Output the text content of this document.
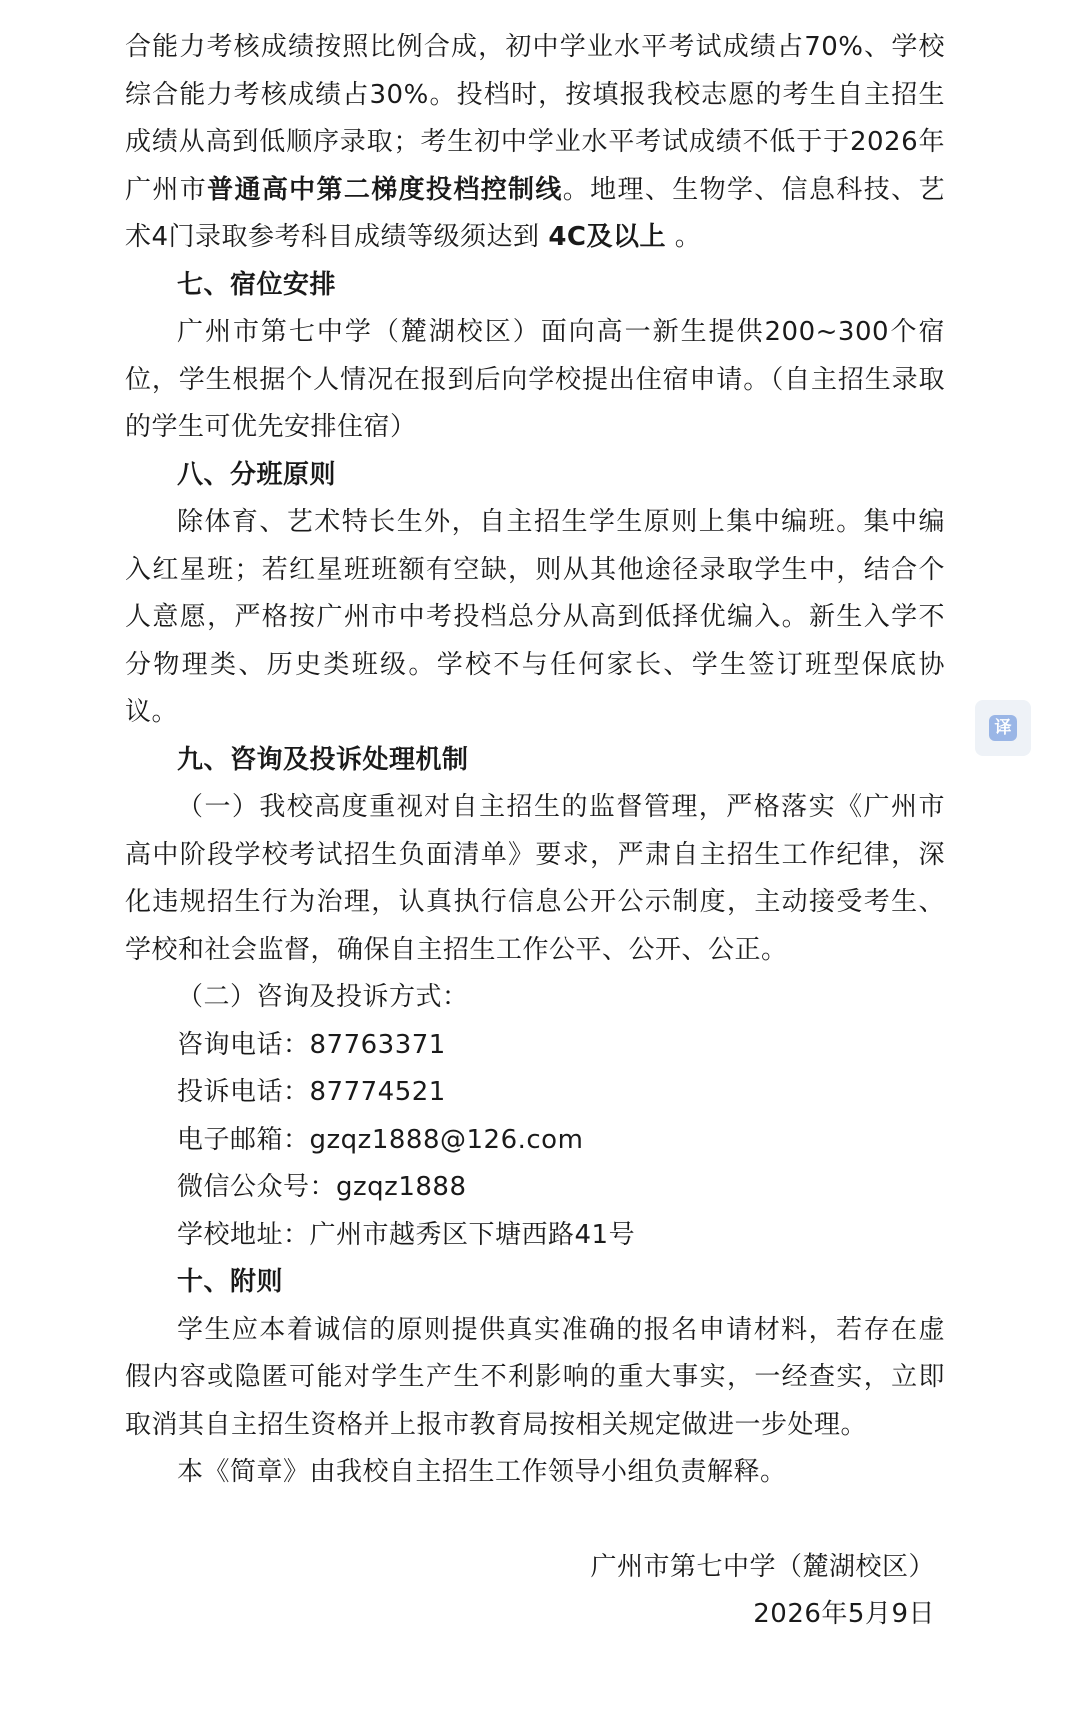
合能力考核成绩按照比例合成，初中学业水平考试成绩占70%、学校综合能力考核成绩占30%。投档时，按填报我校志愿的考生自主招生成绩从高到低顺序录取；考生初中学业水平考试成绩不低于于2026年广州市普通高中第二梯度投档控制线。地理、生物学、信息科技、艺术4门录取参考科目成绩等级须达到 4C及以上 。

七、宿位安排

广州市第七中学（麓湖校区）面向高一新生提供200~300个宿位，学生根据个人情况在报到后向学校提出住宿申请。（自主招生录取的学生可优先安排住宿）

八、分班原则

除体育、艺术特长生外，自主招生学生原则上集中编班。集中编入红星班；若红星班班额有空缺，则从其他途径录取学生中，结合个人意愿，严格按广州市中考投档总分从高到低择优编入。新生入学不分物理类、历史类班级。学校不与任何家长、学生签订班型保底协议。

九、咨询及投诉处理机制

（一）我校高度重视对自主招生的监督管理，严格落实《广州市高中阶段学校考试招生负面清单》要求，严肃自主招生工作纪律，深化违规招生行为治理，认真执行信息公开公示制度，主动接受考生、学校和社会监督，确保自主招生工作公平、公开、公正。

（二）咨询及投诉方式：

咨询电话：87763371

投诉电话：87774521

电子邮箱：gzqz1888@126.com

微信公众号：gzqz1888

学校地址：广州市越秀区下塘西路41号

十、附则

学生应本着诚信的原则提供真实准确的报名申请材料，若存在虚假内容或隐匿可能对学生产生不利影响的重大事实，一经查实，立即取消其自主招生资格并上报市教育局按相关规定做进一步处理。

本《简章》由我校自主招生工作领导小组负责解释。

广州市第七中学（麓湖校区）

2026年5月9日

译
